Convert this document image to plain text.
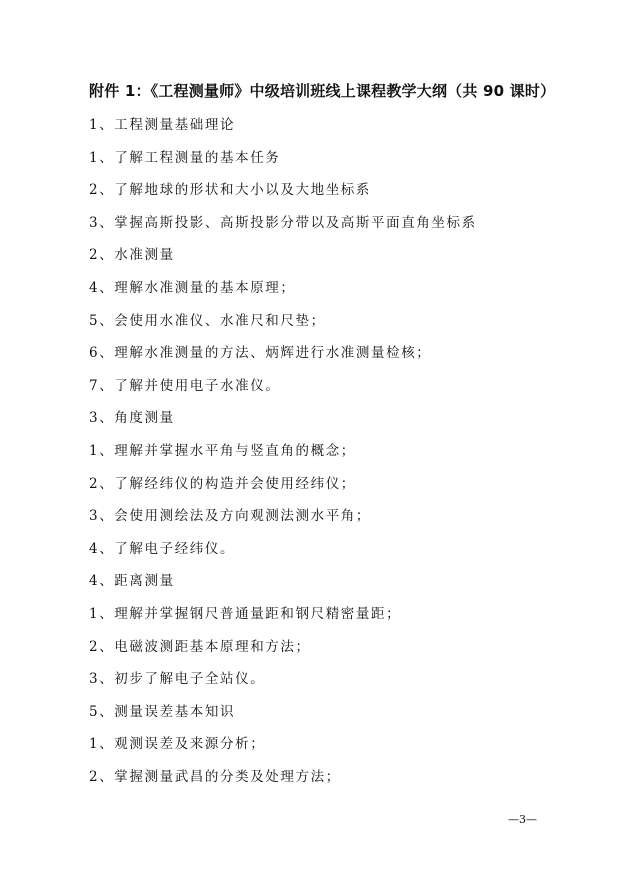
附件 1：《工程测量师》中级培训班线上课程教学大纲（共 90 课时）
1、工程测量基础理论
1、了解工程测量的基本任务
2、了解地球的形状和大小以及大地坐标系
3、掌握高斯投影、高斯投影分带以及高斯平面直角坐标系
2、水准测量
4、理解水准测量的基本原理；
5、会使用水准仪、水准尺和尺垫；
6、理解水准测量的方法、炳辉进行水准测量检核；
7、了解并使用电子水准仪。
3、角度测量
1、理解并掌握水平角与竖直角的概念；
2、了解经纬仪的构造并会使用经纬仪；
3、会使用测绘法及方向观测法测水平角；
4、了解电子经纬仪。
4、距离测量
1、理解并掌握钢尺普通量距和钢尺精密量距；
2、电磁波测距基本原理和方法；
3、初步了解电子全站仪。
5、测量误差基本知识
1、观测误差及来源分析；
2、掌握测量武昌的分类及处理方法；
—3—
